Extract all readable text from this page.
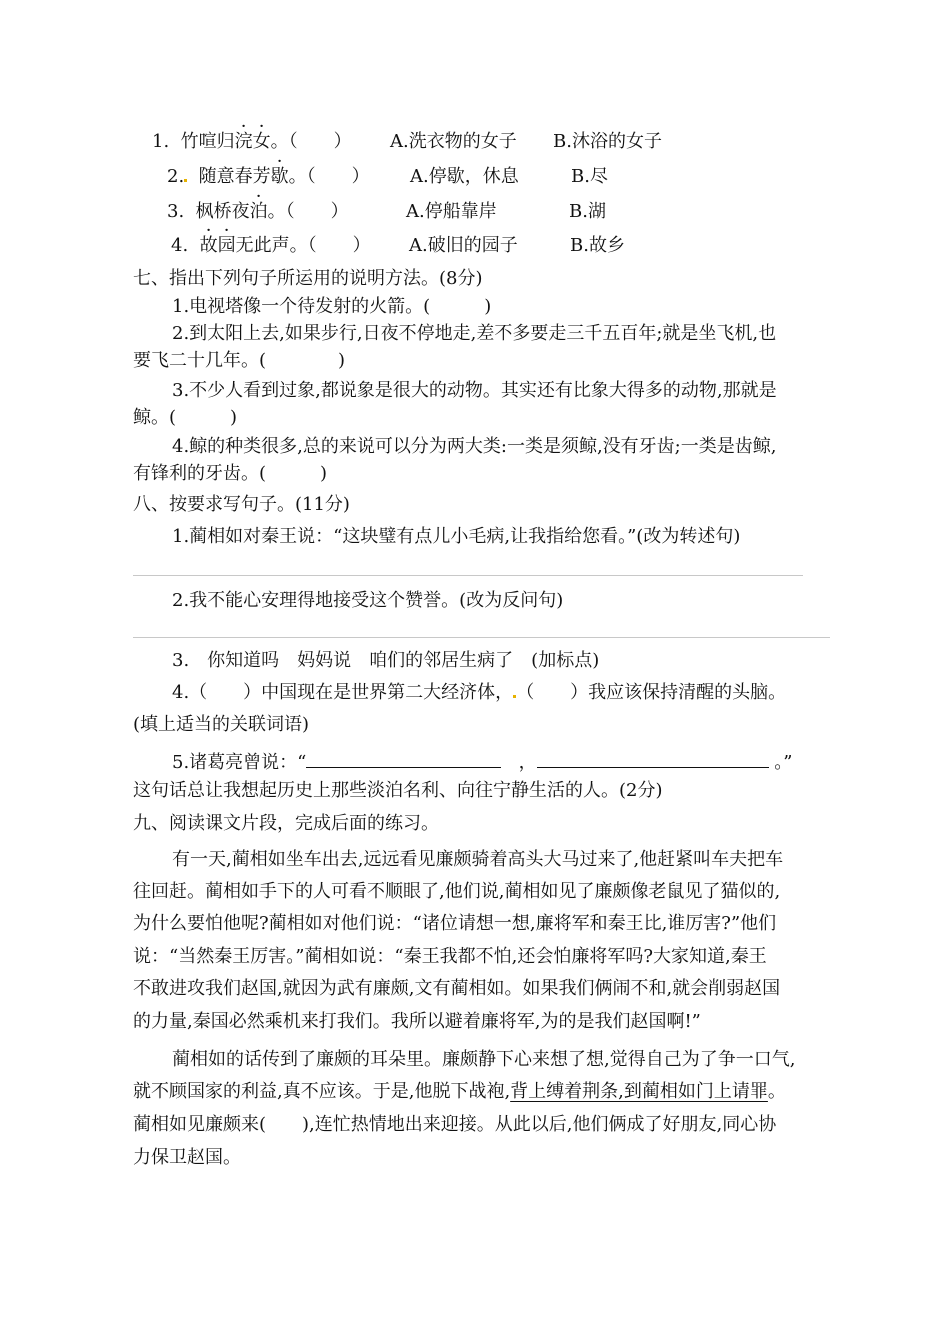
1. 竹喧归浣女。（　　） A.洗衣物的女子 B.沐浴的女子
2. 随意春芳歇。（　　） A.停歇，休息	B.尽
3. 枫桥夜泊。（　　）	A.停船靠岸	B.湖
4. 故园无此声。（　　） A.破旧的园子	B.故乡
七、指出下列句子所运用的说明方法。(8分)
1.电视塔像一个待发射的火箭。(　　　)
2.到太阳上去,如果步行,日夜不停地走,差不多要走三千五百年;就是坐飞机,也
要飞二十几年。(　　　　)
3.不少人看到过象,都说象是很大的动物。其实还有比象大得多的动物,那就是
鲸。(　　　)
4.鲸的种类很多,总的来说可以分为两大类:一类是须鲸,没有牙齿;一类是齿鲸,
有锋利的牙齿。(　　　)
八、按要求写句子。(11分)
1.蔺相如对秦王说：“这块璧有点儿小毛病,让我指给您看。”(改为转述句)
2.我不能心安理得地接受这个赞誉。(改为反问句)
3.　你知道吗　妈妈说　咱们的邻居生病了　(加标点)
4.（　　）中国现在是世界第二大经济体， （　　）我应该保持清醒的头脑。
(填上适当的关联词语)
5.诸葛亮曾说：“	，	。”
这句话总让我想起历史上那些淡泊名利、向往宁静生活的人。(2分)
九、阅读课文片段，完成后面的练习。
有一天,蔺相如坐车出去,远远看见廉颇骑着高头大马过来了,他赶紧叫车夫把车
往回赶。蔺相如手下的人可看不顺眼了,他们说,蔺相如见了廉颇像老鼠见了猫似的,
为什么要怕他呢?蔺相如对他们说：“诸位请想一想,廉将军和秦王比,谁厉害?”他们
说：“当然秦王厉害。”蔺相如说：“秦王我都不怕,还会怕廉将军吗?大家知道,秦王
不敢进攻我们赵国,就因为武有廉颇,文有蔺相如。如果我们俩闹不和,就会削弱赵国
的力量,秦国必然乘机来打我们。我所以避着廉将军,为的是我们赵国啊!”
蔺相如的话传到了廉颇的耳朵里。廉颇静下心来想了想,觉得自己为了争一口气,
就不顾国家的利益,真不应该。于是,他脱下战袍,背上缚着荆条,到蔺相如门上请罪。
蔺相如见廉颇来(　　),连忙热情地出来迎接。从此以后,他们俩成了好朋友,同心协
力保卫赵国。
